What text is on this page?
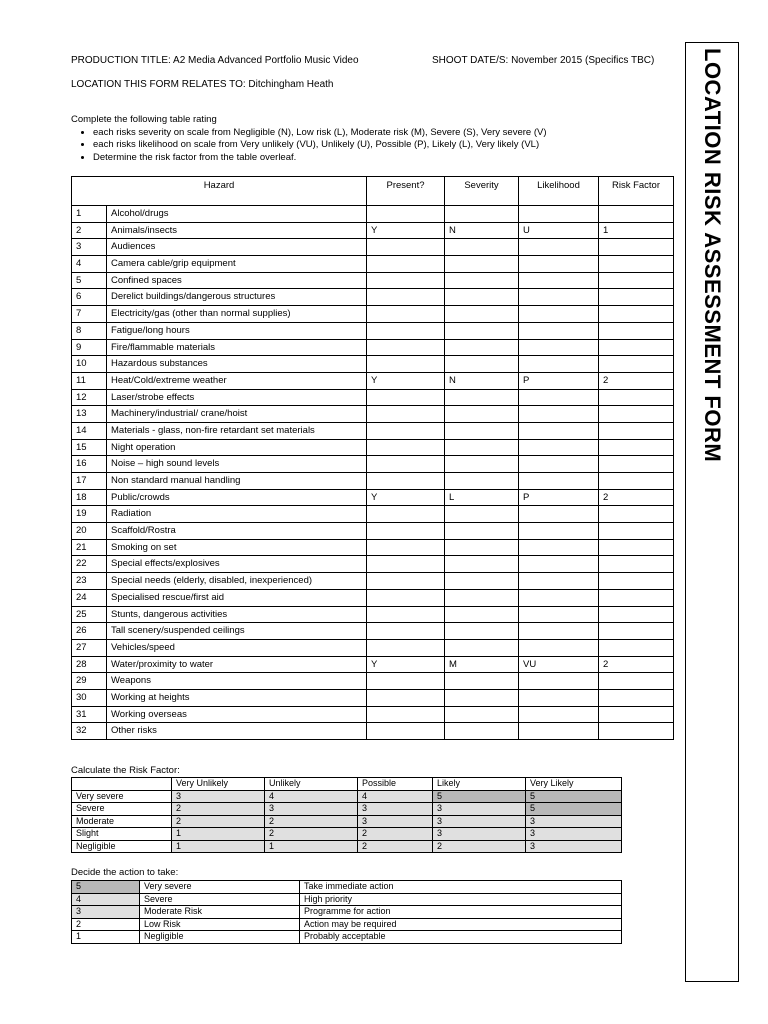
PRODUCTION TITLE: A2 Media Advanced Portfolio Music Video	SHOOT DATE/S: November 2015 (Specifics TBC)
LOCATION THIS FORM RELATES TO: Ditchingham Heath
Complete the following table rating
• each risks severity on scale from Negligible (N), Low risk (L), Moderate risk (M), Severe (S), Very severe (V)
• each risks likelihood on scale from Very unlikely (VU), Unlikely (U), Possible (P), Likely (L), Very likely (VL)
• Determine the risk factor from the table overleaf.
Hazard		Present?	Severity	Likelihood	Risk Factor
1	Alcohol/drugs				
2	Animals/insects	Y	N	U	1
3	Audiences				
4	Camera cable/grip equipment				
5	Confined spaces				
6	Derelict buildings/dangerous structures				
7	Electricity/gas (other than normal supplies)				
8	Fatigue/long hours				
9	Fire/flammable materials				
10	Hazardous substances				
11	Heat/Cold/extreme weather	Y	N	P	2
12	Laser/strobe effects				
13	Machinery/industrial/ crane/hoist				
14	Materials - glass, non-fire retardant set materials				
15	Night operation				
16	Noise – high sound levels				
17	Non standard manual handling				
18	Public/crowds	Y	L	P	2
19	Radiation				
20	Scaffold/Rostra				
21	Smoking on set				
22	Special effects/explosives				
23	Special needs (elderly, disabled, inexperienced)				
24	Specialised rescue/first aid				
25	Stunts, dangerous activities				
26	Tall scenery/suspended ceilings				
27	Vehicles/speed				
28	Water/proximity to water	Y	M	VU	2
29	Weapons				
30	Working at heights				
31	Working overseas				
32	Other risks				
Calculate the Risk Factor:
	Very Unlikely	Unlikely	Possible	Likely	Very Likely
Very severe	3	4	4	5	5
Severe	2	3	3	3	5
Moderate	2	2	3	3	3
Slight	1	2	2	3	3
Negligible	1	1	2	2	3
Decide the action to take:
5	Very severe	Take immediate action
4	Severe	High priority
3	Moderate Risk	Programme for action
2	Low Risk	Action may be required
1	Negligible	Probably acceptable
LOCATION RISK ASSESSMENT FORM
